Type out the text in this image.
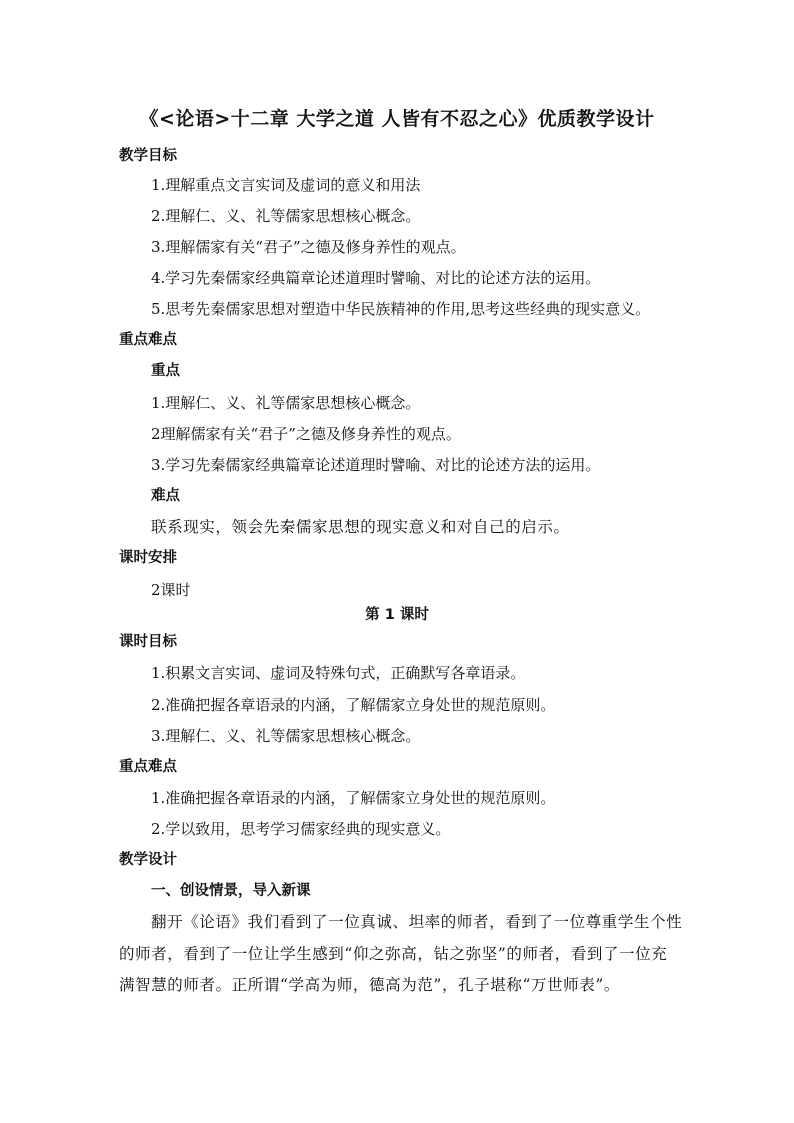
《<论语>十二章 大学之道 人皆有不忍之心》优质教学设计
教学目标
1.理解重点文言实词及虚词的意义和用法
2.理解仁、义、礼等儒家思想核心概念。
3.理解儒家有关“君子”之德及修身养性的观点。
4.学习先秦儒家经典篇章论述道理时譬喻、对比的论述方法的运用。
5.思考先秦儒家思想对塑造中华民族精神的作用,思考这些经典的现实意义。
重点难点
重点
1.理解仁、义、礼等儒家思想核心概念。
2理解儒家有关“君子”之德及修身养性的观点。
3.学习先秦儒家经典篇章论述道理时譬喻、对比的论述方法的运用。
难点
联系现实，领会先秦儒家思想的现实意义和对自己的启示。
课时安排
2课时
第 1 课时
课时目标
1.积累文言实词、虚词及特殊句式，正确默写各章语录。
2.准确把握各章语录的内涵，了解儒家立身处世的规范原则。
3.理解仁、义、礼等儒家思想核心概念。
重点难点
1.准确把握各章语录的内涵，了解儒家立身处世的规范原则。
2.学以致用，思考学习儒家经典的现实意义。
教学设计
一、创设情景，导入新课
翻开《论语》我们看到了一位真诚、坦率的师者，看到了一位尊重学生个性
的师者，看到了一位让学生感到“仰之弥高，钻之弥坚”的师者，看到了一位充
满智慧的师者。正所谓“学高为师，德高为范”，孔子堪称“万世师表”。
